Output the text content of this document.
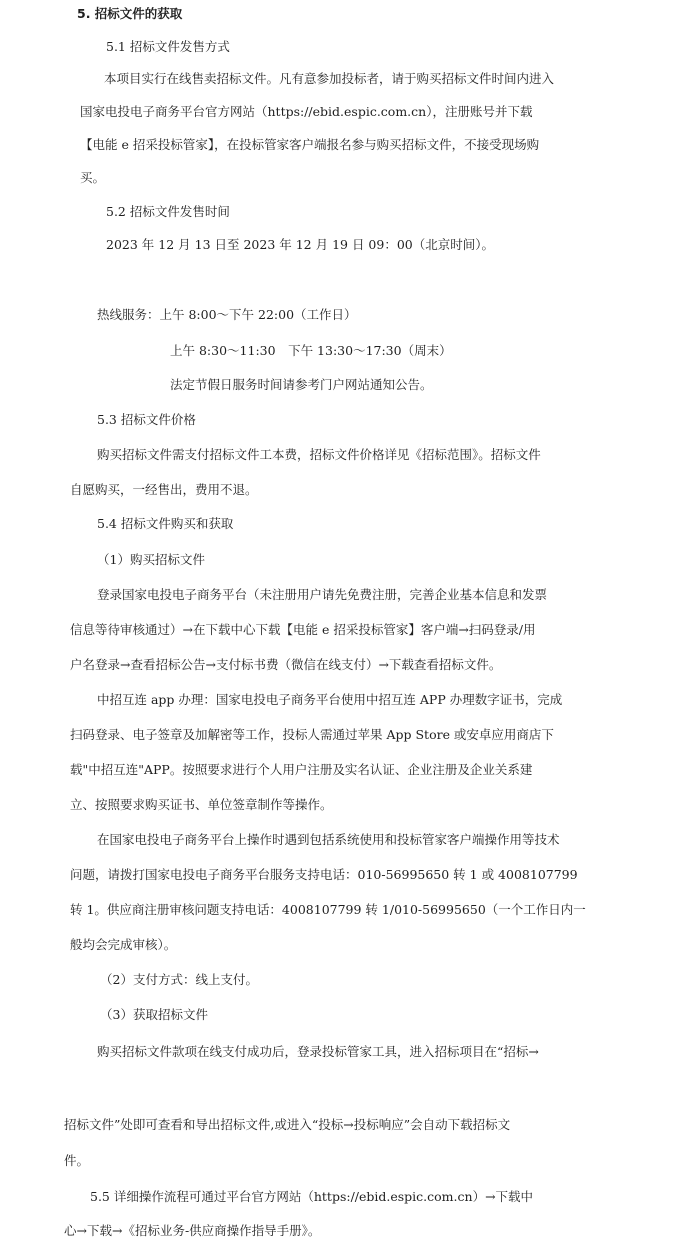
5. 招标文件的获取
5.1 招标文件发售方式
本项目实行在线售卖招标文件。凡有意参加投标者，请于购买招标文件时间内进入
国家电投电子商务平台官方网站（https://ebid.espic.com.cn），注册账号并下载
【电能 e 招采投标管家】，在投标管家客户端报名参与购买招标文件，不接受现场购
买。
5.2 招标文件发售时间
2023 年 12 月 13 日至 2023 年 12 月 19 日 09：00（北京时间）。
热线服务：上午 8:00～下午 22:00（工作日）
上午 8:30～11:30　下午 13:30～17:30（周末）
法定节假日服务时间请参考门户网站通知公告。
5.3 招标文件价格
购买招标文件需支付招标文件工本费，招标文件价格详见《招标范围》。招标文件
自愿购买，一经售出，费用不退。
5.4 招标文件购买和获取
（1）购买招标文件
登录国家电投电子商务平台（未注册用户请先免费注册，完善企业基本信息和发票
信息等待审核通过）→在下载中心下载【电能 e 招采投标管家】客户端→扫码登录/用
户名登录→查看招标公告→支付标书费（微信在线支付）→下载查看招标文件。
中招互连 app 办理：国家电投电子商务平台使用中招互连 APP 办理数字证书，完成
扫码登录、电子签章及加解密等工作，投标人需通过苹果 App Store 或安卓应用商店下
载"中招互连"APP。按照要求进行个人用户注册及实名认证、企业注册及企业关系建
立、按照要求购买证书、单位签章制作等操作。
在国家电投电子商务平台上操作时遇到包括系统使用和投标管家客户端操作用等技术
问题，请拨打国家电投电子商务平台服务支持电话：010-56995650 转 1 或 4008107799
转 1。供应商注册审核问题支持电话：4008107799 转 1/010-56995650（一个工作日内一
般均会完成审核）。
（2）支付方式：线上支付。
（3）获取招标文件
购买招标文件款项在线支付成功后，登录投标管家工具，进入招标项目在“招标→
招标文件”处即可查看和导出招标文件,或进入“投标→投标响应”会自动下载招标文
件。
5.5 详细操作流程可通过平台官方网站（https://ebid.espic.com.cn）→下载中
心→下载→《招标业务-供应商操作指导手册》。
